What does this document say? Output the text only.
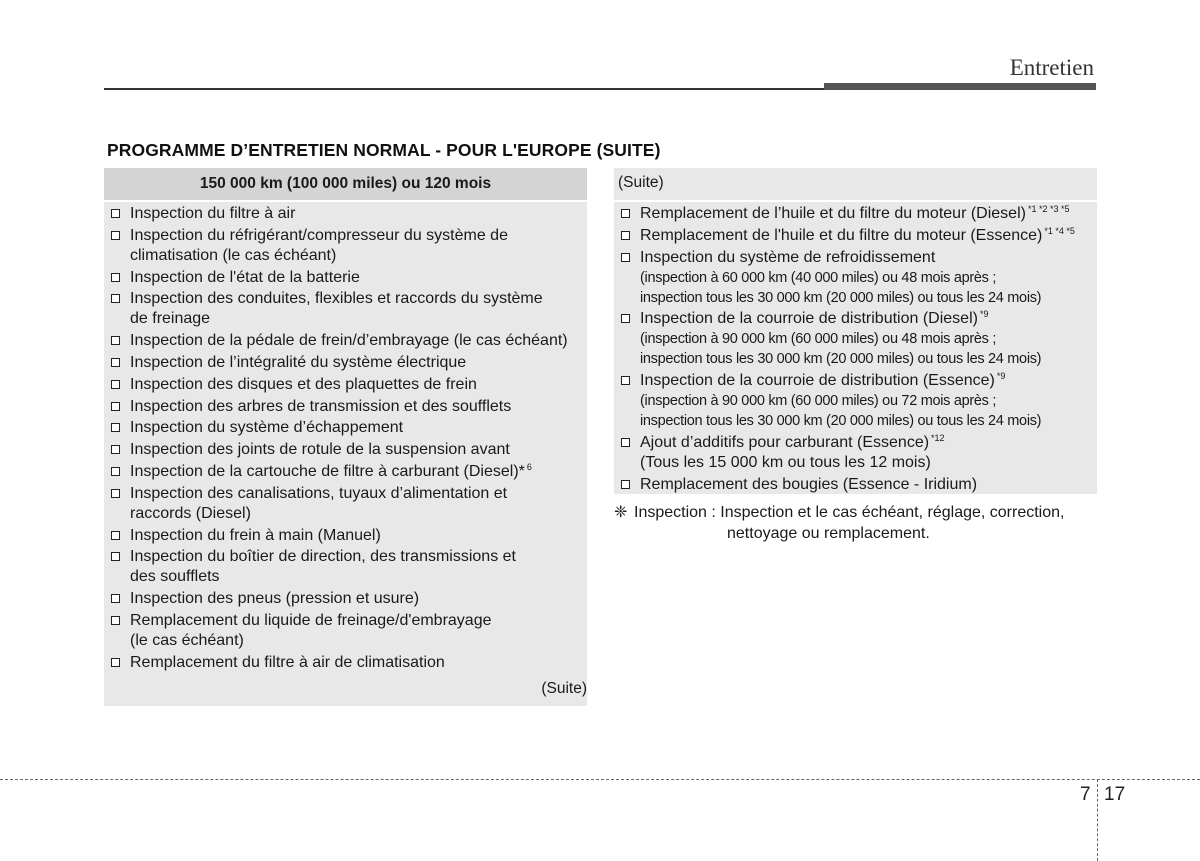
Entretien
PROGRAMME D’ENTRETIEN NORMAL - POUR L'EUROPE (SUITE)
150 000 km (100 000 miles) ou 120 mois
Inspection du filtre à air
Inspection du réfrigérant/compresseur du système de
climatisation (le cas échéant)
Inspection de l'état de la batterie
Inspection des conduites, flexibles et raccords du système
de freinage
Inspection de la pédale de frein/d’embrayage (le cas échéant)
Inspection de l’intégralité du système électrique
Inspection des disques et des plaquettes de frein
Inspection des arbres de transmission et des soufflets
Inspection du système d’échappement
Inspection des joints de rotule de la suspension avant
Inspection de la cartouche de filtre à carburant (Diesel)* $^6$
Inspection des canalisations, tuyaux d’alimentation et
raccords (Diesel)
Inspection du frein à main (Manuel)
Inspection du boîtier de direction, des transmissions et
des soufflets
Inspection des pneus (pression et usure)
Remplacement du liquide de freinage/d'embrayage
(le cas échéant)
Remplacement du filtre à air de climatisation
(Suite)
(Suite)
Remplacement de l’huile et du filtre du moteur (Diesel) $^{*1 *2 *3 *5}$
Remplacement de l'huile et du filtre du moteur (Essence) $^{*1 *4 *5}$
Inspection du système de refroidissement
(inspection à 60 000 km (40 000 miles) ou 48 mois après ;
inspection tous les 30 000 km (20 000 miles) ou tous les 24 mois)
Inspection de la courroie de distribution (Diesel) $^{*9}$
(inspection à 90 000 km (60 000 miles) ou 48 mois après ;
inspection tous les 30 000 km (20 000 miles) ou tous les 24 mois)
Inspection de la courroie de distribution (Essence) $^{*9}$
(inspection à 90 000 km (60 000 miles) ou 72 mois après ;
inspection tous les 30 000 km (20 000 miles) ou tous les 24 mois)
Ajout d’additifs pour carburant (Essence) $^{*12}$
(Tous les 15 000 km ou tous les 12 mois)
Remplacement des bougies (Essence - Iridium)
❈ Inspection : Inspection et le cas échéant, réglage, correction,
nettoyage ou remplacement.
7 17
